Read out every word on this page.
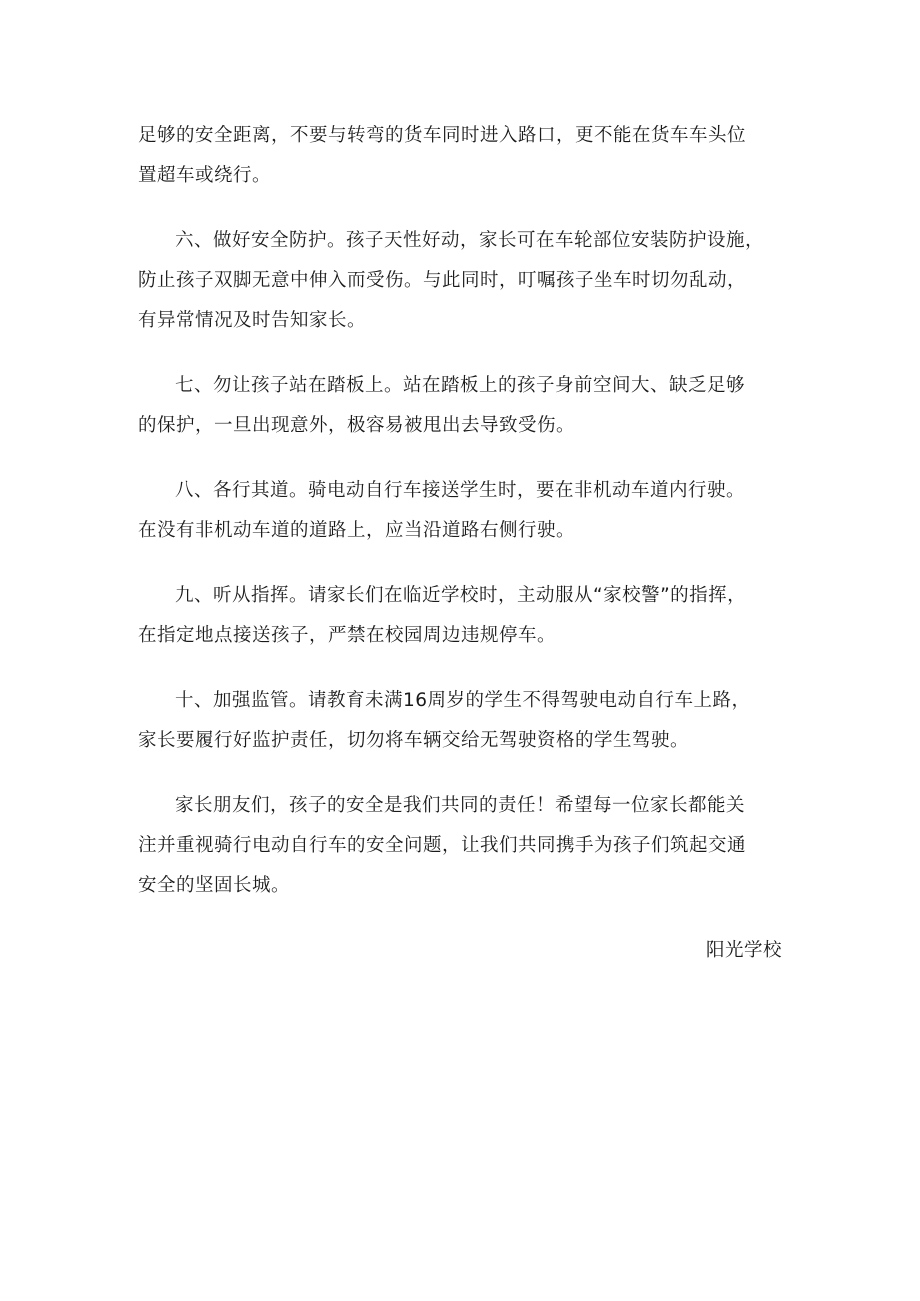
足够的安全距离，不要与转弯的货车同时进入路口，更不能在货车车头位
置超车或绕行。

六、做好安全防护。孩子天性好动，家长可在车轮部位安装防护设施，
防止孩子双脚无意中伸入而受伤。与此同时，叮嘱孩子坐车时切勿乱动，
有异常情况及时告知家长。

七、勿让孩子站在踏板上。站在踏板上的孩子身前空间大、缺乏足够
的保护，一旦出现意外，极容易被甩出去导致受伤。

八、各行其道。骑电动自行车接送学生时，要在非机动车道内行驶。
在没有非机动车道的道路上，应当沿道路右侧行驶。

九、听从指挥。请家长们在临近学校时，主动服从“家校警”的指挥，
在指定地点接送孩子，严禁在校园周边违规停车。

十、加强监管。请教育未满16周岁的学生不得驾驶电动自行车上路，
家长要履行好监护责任，切勿将车辆交给无驾驶资格的学生驾驶。

家长朋友们，孩子的安全是我们共同的责任！希望每一位家长都能关
注并重视骑行电动自行车的安全问题，让我们共同携手为孩子们筑起交通
安全的坚固长城。

阳光学校
